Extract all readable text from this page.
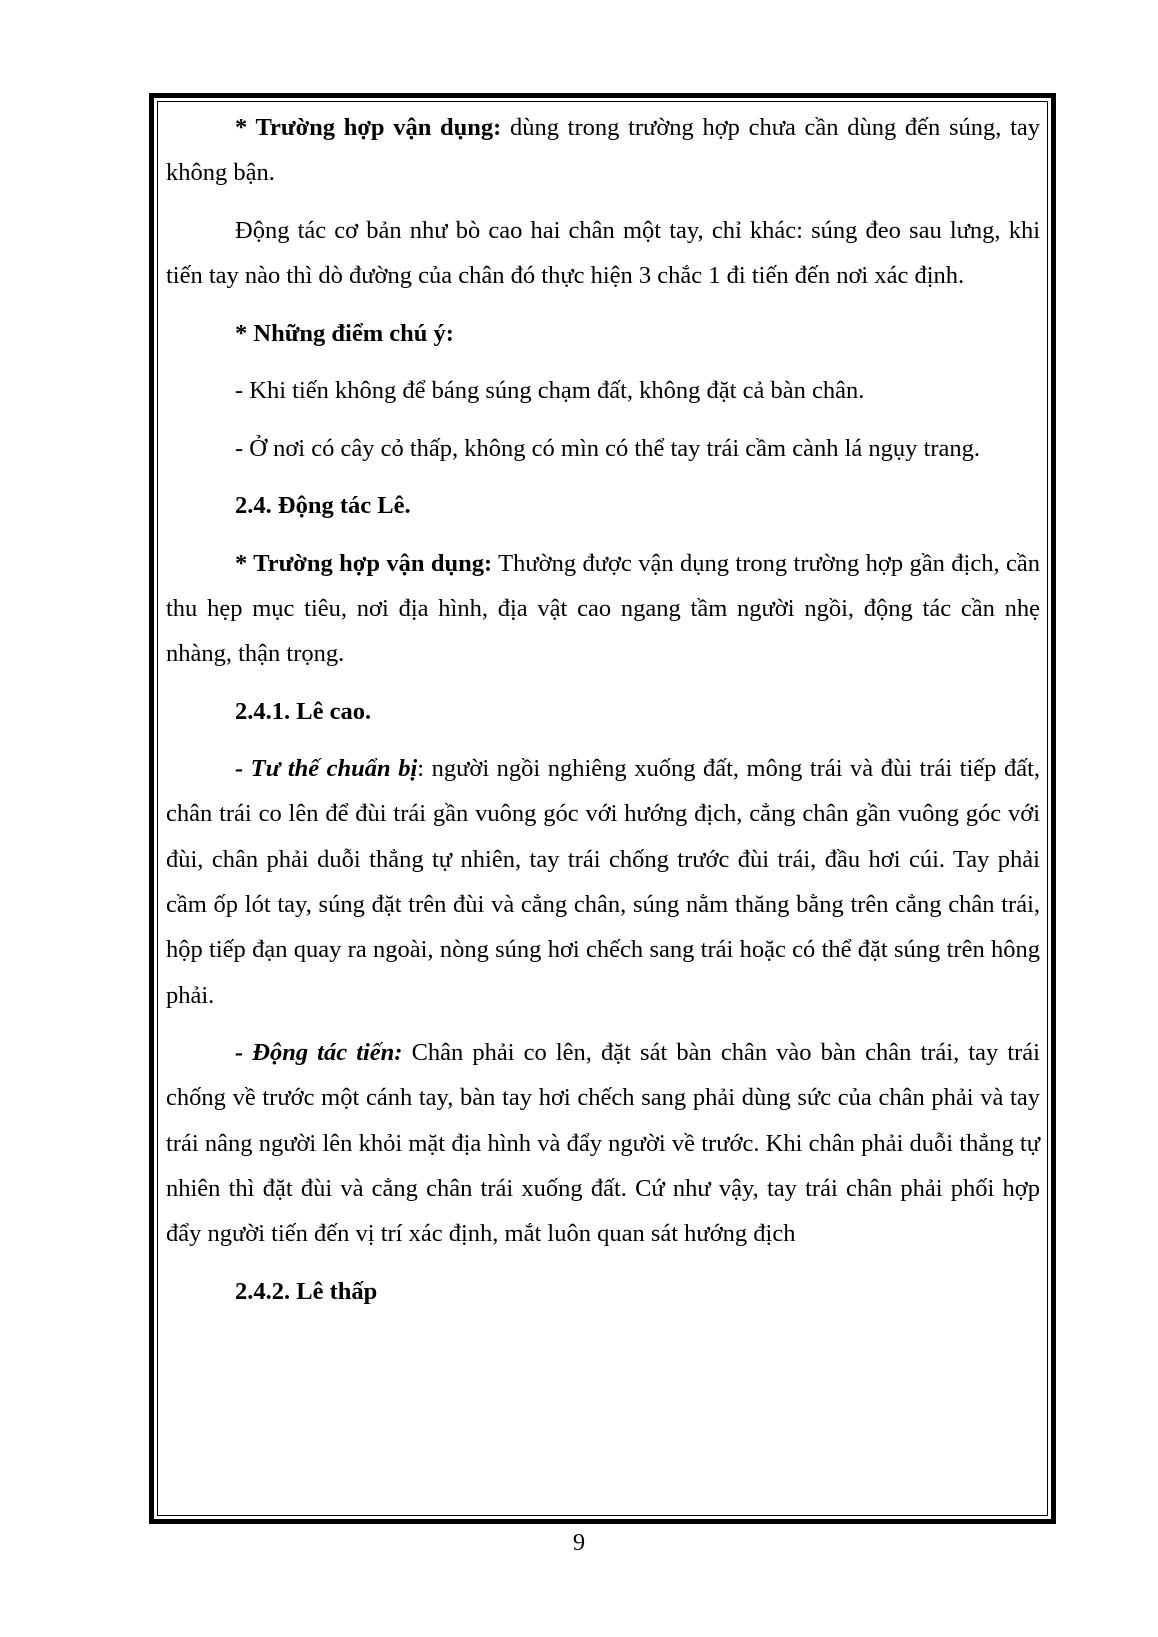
* Trường hợp vận dụng: dùng trong trường hợp chưa cần dùng đến súng, tay không bận.

Động tác cơ bản như bò cao hai chân một tay, chỉ khác: súng đeo sau lưng, khi tiến tay nào thì dò đường của chân đó thực hiện 3 chắc 1 đi tiến đến nơi xác định.

* Những điểm chú ý:

- Khi tiến không để báng súng chạm đất, không đặt cả bàn chân.

- Ở nơi có cây cỏ thấp, không có mìn có thể tay trái cầm cành lá ngụy trang.

2.4. Động tác Lê.

* Trường hợp vận dụng: Thường được vận dụng trong trường hợp gần địch, cần thu hẹp mục tiêu, nơi địa hình, địa vật cao ngang tầm người ngồi, động tác cần nhẹ nhàng, thận trọng.

2.4.1. Lê cao.

- Tư thế chuẩn bị: người ngồi nghiêng xuống đất, mông trái và đùi trái tiếp đất, chân trái co lên để đùi trái gần vuông góc với hướng địch, cẳng chân gần vuông góc với đùi, chân phải duỗi thẳng tự nhiên, tay trái chống trước đùi trái, đầu hơi cúi. Tay phải cầm ốp lót tay, súng đặt trên đùi và cẳng chân, súng nằm thăng bằng trên cẳng chân trái, hộp tiếp đạn quay ra ngoài, nòng súng hơi chếch sang trái hoặc có thể đặt súng trên hông phải.

- Động tác tiến: Chân phải co lên, đặt sát bàn chân vào bàn chân trái, tay trái chống về trước một cánh tay, bàn tay hơi chếch sang phải dùng sức của chân phải và tay trái nâng người lên khỏi mặt địa hình và đẩy người về trước. Khi chân phải duỗi thẳng tự nhiên thì đặt đùi và cẳng chân trái xuống đất. Cứ như vậy, tay trái chân phải phối hợp đẩy người tiến đến vị trí xác định, mắt luôn quan sát hướng địch

2.4.2. Lê thấp

9
